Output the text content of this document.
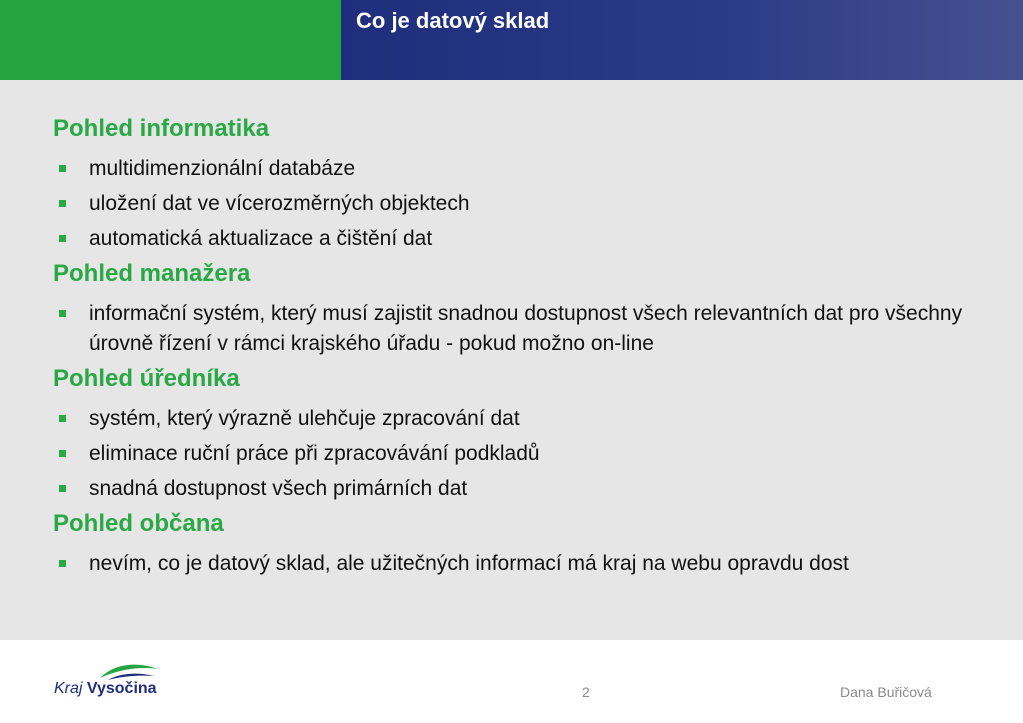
Co je datový sklad
Pohled informatika
multidimenzionální databáze
uložení dat ve vícerozměrných objektech
automatická aktualizace a čištění dat
Pohled manažera
informační systém, který musí zajistit snadnou dostupnost všech relevantních dat pro všechny úrovně řízení v rámci krajského úřadu - pokud možno on-line
Pohled úředníka
systém, který výrazně ulehčuje zpracování dat
eliminace ruční práce při zpracovávání podkladů
snadná dostupnost všech primárních dat
Pohled občana
nevím, co je datový sklad, ale užitečných informací má kraj na webu opravdu dost
Kraj Vysočina	2	Dana Buřičová
